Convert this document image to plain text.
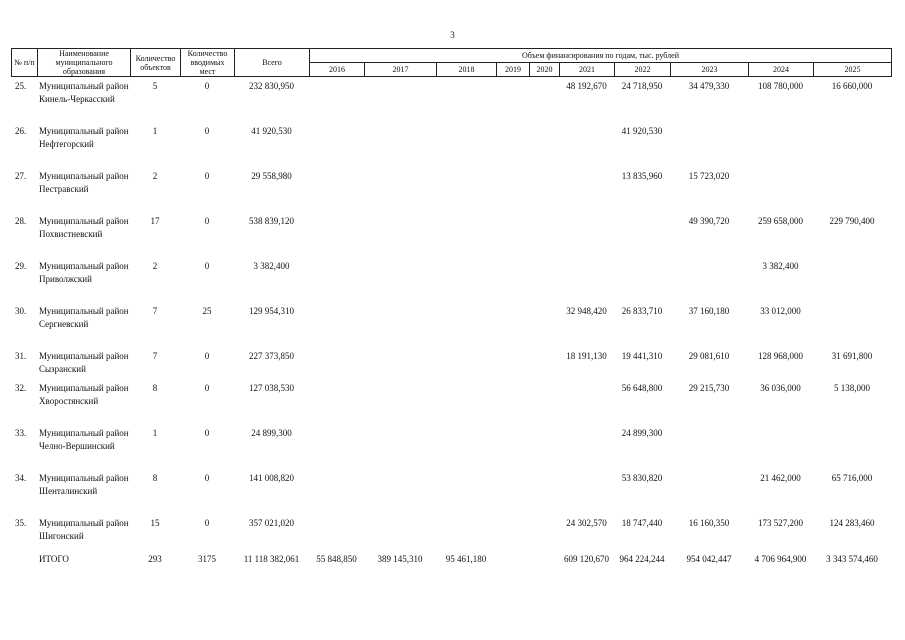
3
№ п/п	Наименование муниципального образования	Количество объектов	Количество вводимых мест	Всего	Объем финансирования по годам, тыс. рублей									
					2016	2017	2018	2019	2020	2021	2022	2023	2024	2025
25.	Муниципальный район Кинель-Черкасский	5	0	232 830,950						48 192,670	24 718,950	34 479,330	108 780,000	16 660,000
26.	Муниципальный район Нефтегорский	1	0	41 920,530							41 920,530			
27.	Муниципальный район Пестравский	2	0	29 558,980							13 835,960	15 723,020		
28.	Муниципальный район Похвистневский	17	0	538 839,120								49 390,720	259 658,000	229 790,400
29.	Муниципальный район Приволжский	2	0	3 382,400									3 382,400	
30.	Муниципальный район Сергиевский	7	25	129 954,310						32 948,420	26 833,710	37 160,180	33 012,000	
31.	Муниципальный район Сызранский	7	0	227 373,850						18 191,130	19 441,310	29 081,610	128 968,000	31 691,800
32.	Муниципальный район Хворостянский	8	0	127 038,530							56 648,800	29 215,730	36 036,000	5 138,000
33.	Муниципальный район Челно-Вершинский	1	0	24 899,300							24 899,300			
34.	Муниципальный район Шенталинский	8	0	141 008,820							53 830,820		21 462,000	65 716,000
35.	Муниципальный район Шигонский	15	0	357 021,020						24 302,570	18 747,440	16 160,350	173 527,200	124 283,460
	ИТОГО	293	3175	11 118 382,061	55 848,850	389 145,310	95 461,180			609 120,670	964 224,244	954 042,447	4 706 964,900	3 343 574,460
